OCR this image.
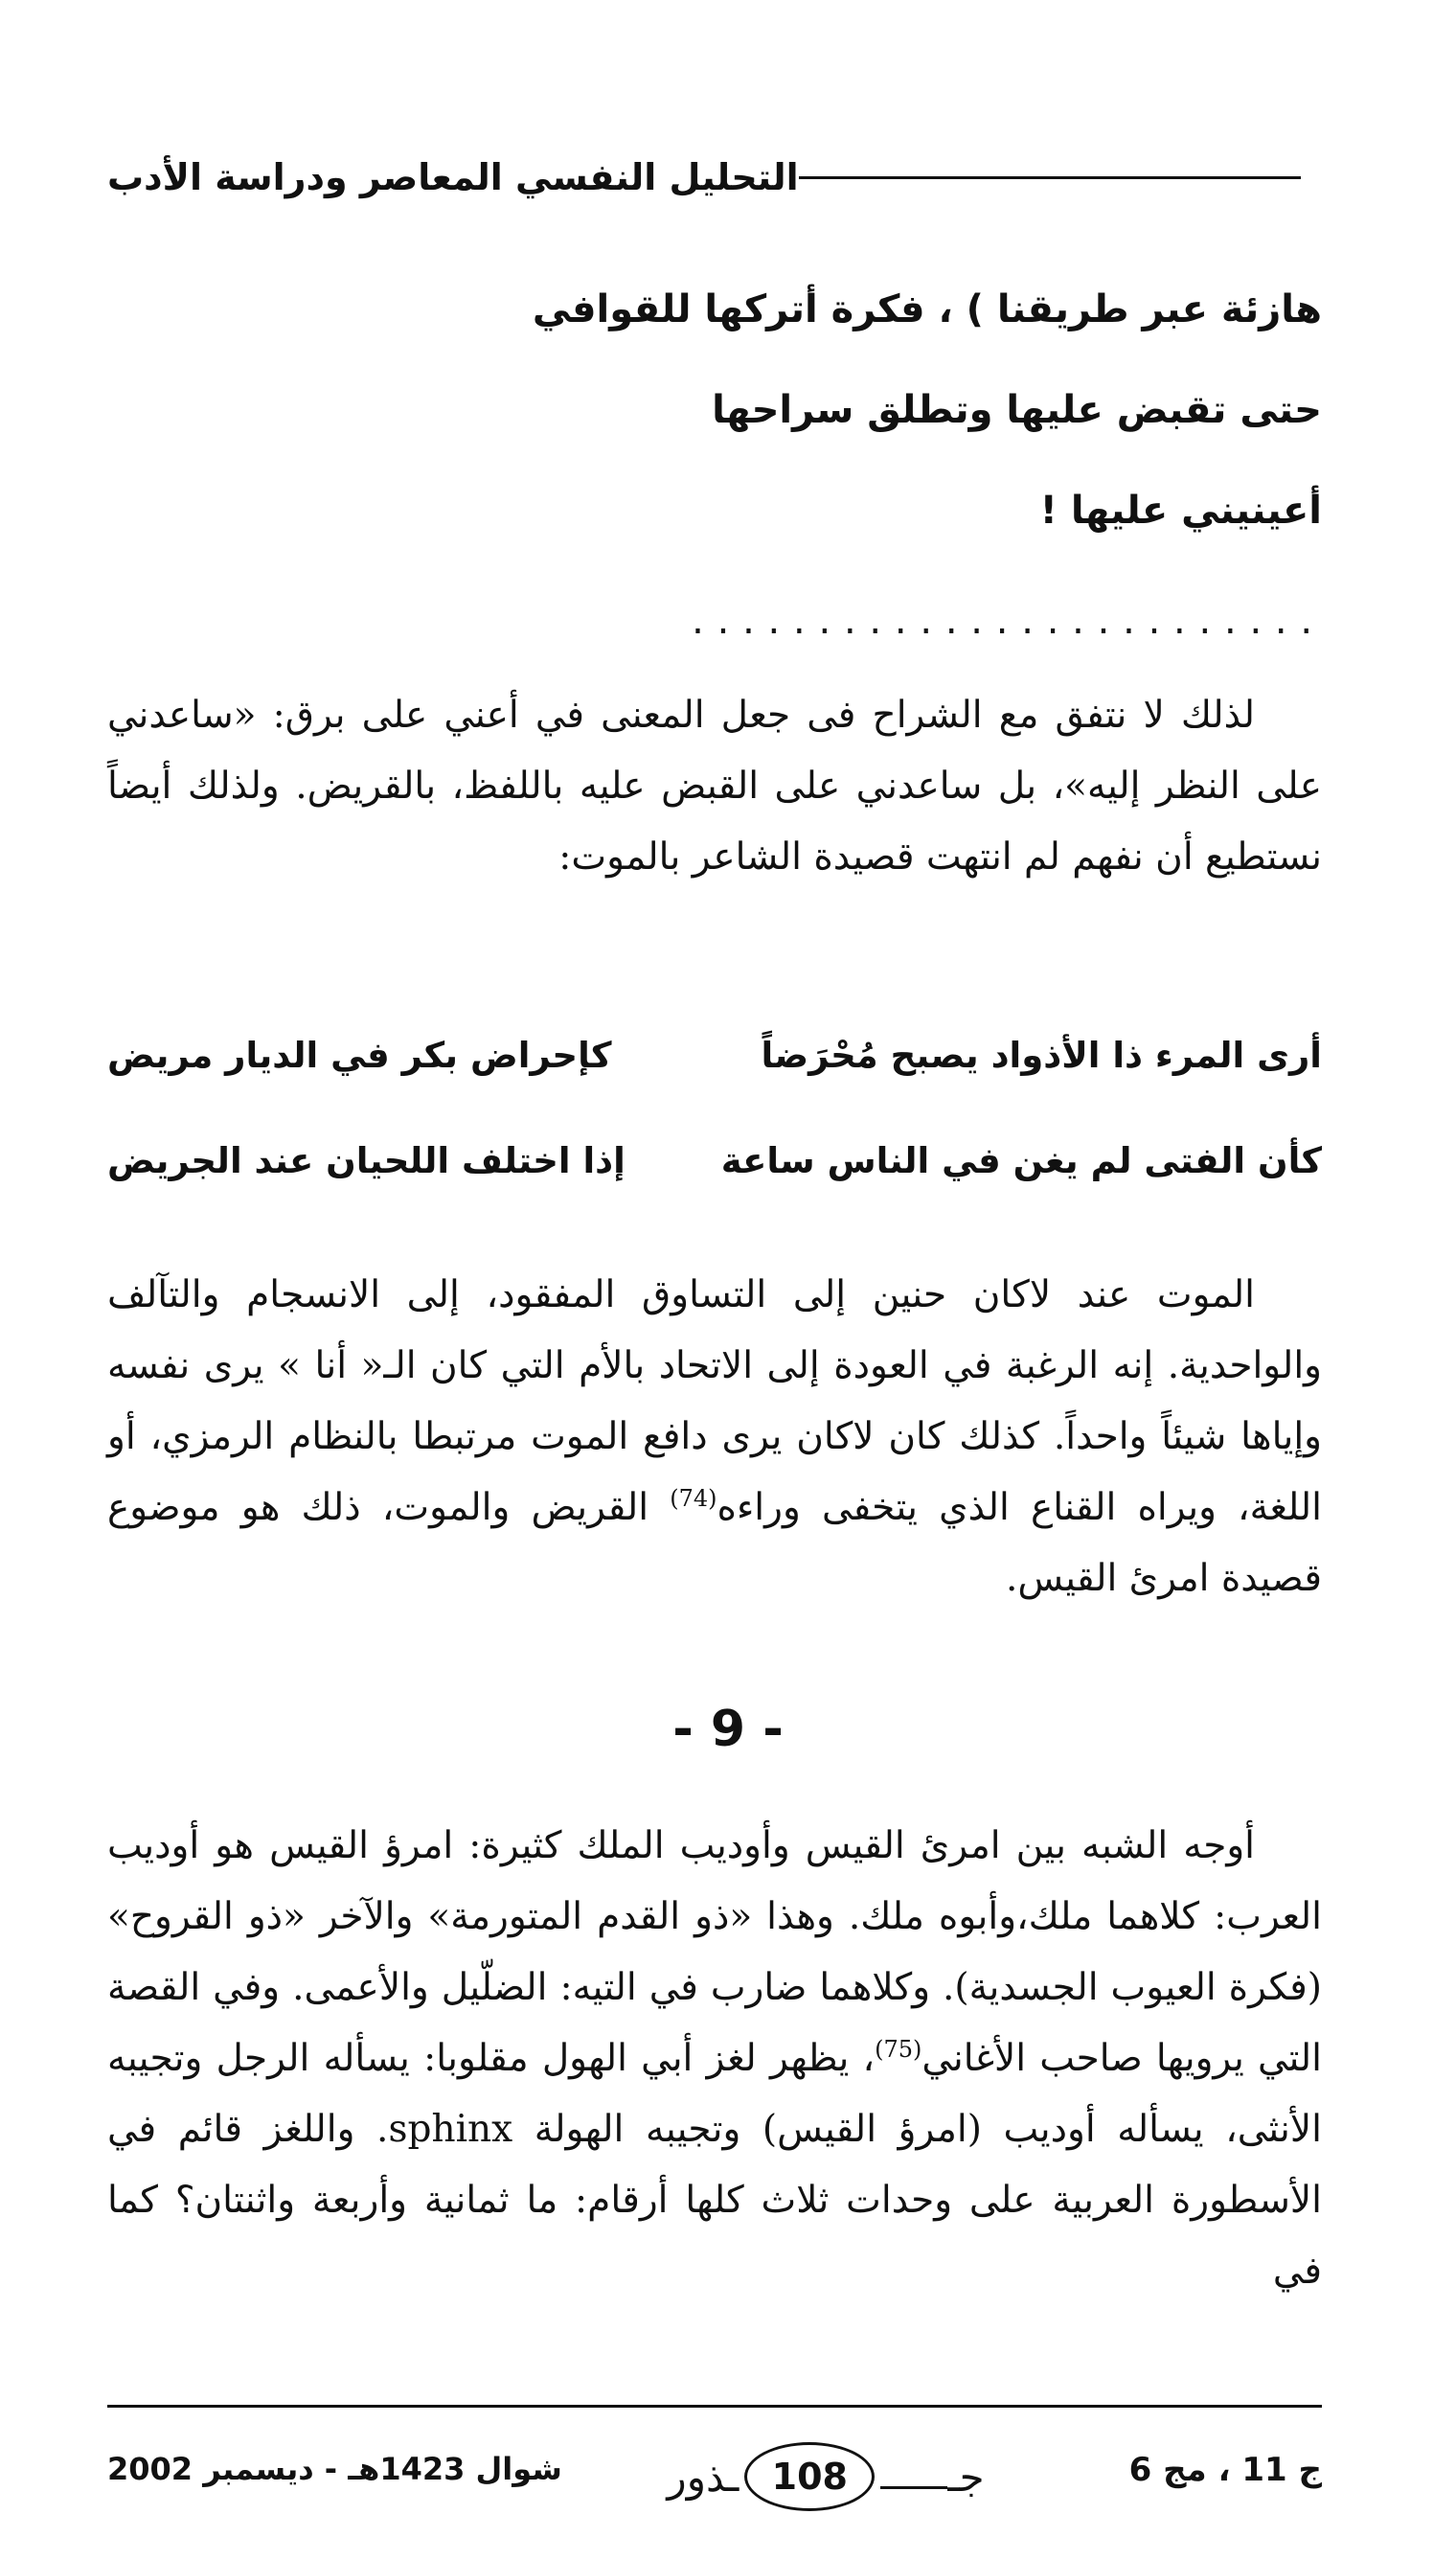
التحليل النفسي المعاصر ودراسة الأدب
هازئة عبر طريقنا ) ، فكرة أتركها للقوافي
حتى تقبض عليها وتطلق سراحها
أعينيني عليها !
.........................
لذلك لا نتفق مع الشراح فى جعل المعنى في أعني على برق: «ساعدني على النظر إليه»، بل ساعدني على القبض عليه باللفظ، بالقريض. ولذلك أيضاً نستطيع أن نفهم لم انتهت قصيدة الشاعر بالموت:
أرى المرء ذا الأذواد يصبح مُحْرَضاً
كإحراض بكر في الديار مريض
كأن الفتى لم يغن في الناس ساعة
إذا اختلف اللحيان عند الجريض
الموت عند لاكان حنين إلى التساوق المفقود، إلى الانسجام والتآلف والواحدية. إنه الرغبة في العودة إلى الاتحاد بالأم التي كان الـ« أنا » يرى نفسه وإياها شيئاً واحداً. كذلك كان لاكان يرى دافع الموت مرتبطا بالنظام الرمزي، أو اللغة، ويراه القناع الذي يتخفى وراءه$^{(74)}$ القريض والموت، ذلك هو موضوع قصيدة امرئ القيس.
- 9 -
أوجه الشبه بين امرئ القيس وأوديب الملك كثيرة: امرؤ القيس هو أوديب العرب: كلاهما ملك،وأبوه ملك. وهذا «ذو القدم المتورمة» والآخر «ذو القروح» (فكرة العيوب الجسدية). وكلاهما ضارب في التيه: الضلّيل والأعمى. وفي القصة التي يرويها صاحب الأغاني$^{(75)}$، يظهر لغز أبي الهول مقلوبا: يسأله الرجل وتجيبه الأنثى، يسأله أوديب (امرؤ القيس) وتجيبه الهولة sphinx. واللغز قائم في الأسطورة العربية على وحدات ثلاث كلها أرقام: ما ثمانية وأربعة واثنتان؟ كما في
ج 11 ، مج 6
جـ
108
ـذور
شوال 1423هـ - ديسمبر 2002
